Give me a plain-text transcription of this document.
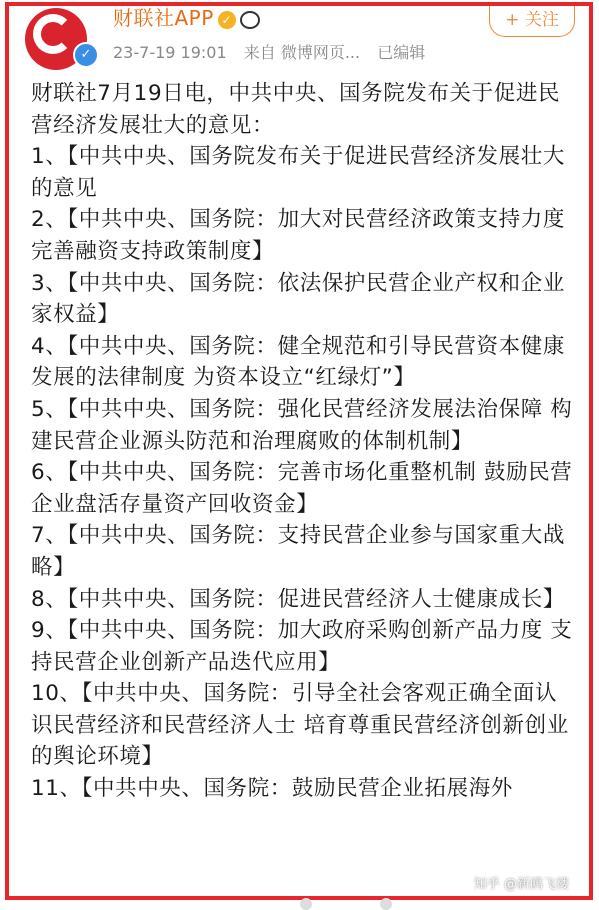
✓
财联社APP ✓
23-7-19 19:01 来自 微博网页... 已编辑
+ 关注

财联社7月19日电，中共中央、国务院发布关于促进民营经济发展壮大的意见：

1、【中共中央、国务院发布关于促进民营经济发展壮大的意见

2、【中共中央、国务院：加大对民营经济政策支持力度 完善融资支持政策制度】

3、【中共中央、国务院：依法保护民营企业产权和企业家权益】

4、【中共中央、国务院：健全规范和引导民营资本健康发展的法律制度 为资本设立“红绿灯”】

5、【中共中央、国务院：强化民营经济发展法治保障 构建民营企业源头防范和治理腐败的体制机制】

6、【中共中央、国务院：完善市场化重整机制 鼓励民营企业盘活存量资产回收资金】

7、【中共中央、国务院：支持民营企业参与国家重大战略】

8、【中共中央、国务院：促进民营经济人士健康成长】

9、【中共中央、国务院：加大政府采购创新产品力度 支持民营企业创新产品迭代应用】

10、【中共中央、国务院：引导全社会客观正确全面认识民营经济和民营经济人士 培育尊重民营经济创新创业的舆论环境】

11、【中共中央、国务院：鼓励民营企业拓展海外

知乎 @新鸥飞楼
